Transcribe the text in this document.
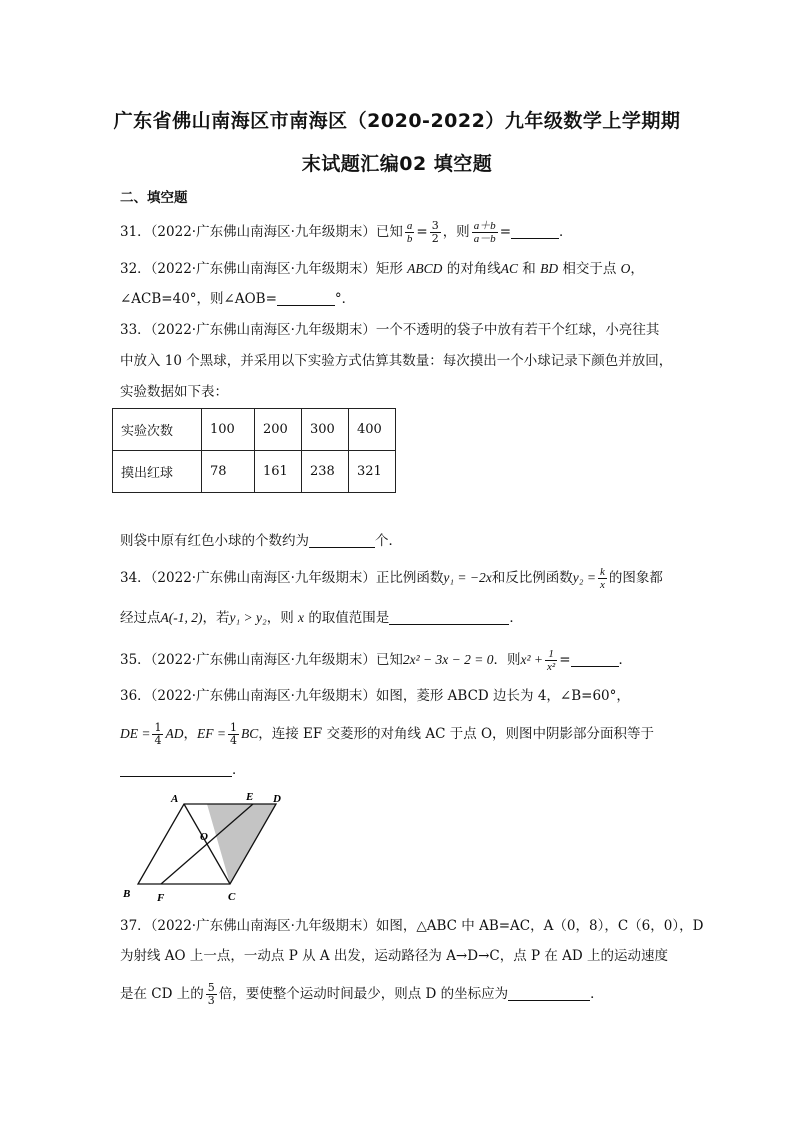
广东省佛山南海区市南海区（2020-2022）九年级数学上学期期
末试题汇编02 填空题
二、填空题
31．（2022·广东佛山南海区·九年级期末）已知 $\frac{a}{b} = \frac{3}{2}$ ，则 $\frac{a+b}{a-b}$ =	．
32．（2022·广东佛山南海区·九年级期末）矩形 ABCD 的对角线AC 和 BD 相交于点 O，
∠ACB=40°，则∠AOB=	°．
33．（2022·广东佛山南海区·九年级期末）一个不透明的袋子中放有若干个红球，小亮往其
中放入 10 个黑球，并采用以下实验方式估算其数量：每次摸出一个小球记录下颜色并放回，
实验数据如下表：
实验次数	100	200	300	400
摸出红球	78	161	238	321
则袋中原有红色小球的个数约为	个．
34．（2022·广东佛山南海区·九年级期末）正比例函数y₁ = −2x和反比例函数$y_2 = \frac{k}{x}$ 的图象都
经过点A(-1, 2)，若y₁ > y₂，则 x 的取值范围是	．
35．（2022·广东佛山南海区·九年级期末）已知2x² − 3x − 2 = 0．则$x^2 + \frac{1}{\text{x²}}$ =	．
36．（2022·广东佛山南海区·九年级期末）如图，菱形 ABCD 边长为 4，∠B=60°，
DE = $\frac{1}{4}$ AD，EF = $\frac{1}{4}$ BC，连接 EF 交菱形的对角线 AC 于点 O，则图中阴影部分面积等于
．
A	E D
O
B F	C
37．（2022·广东佛山南海区·九年级期末）如图，△ABC 中 AB=AC，A（0，8），C（6，0），D
为射线 AO 上一点，一动点 P 从 A 出发，运动路径为 A→D→C，点 P 在 AD 上的运动速度
是在 CD 上的 $\frac{5}{3}$ 倍，要使整个运动时间最少，则点 D 的坐标应为	．
